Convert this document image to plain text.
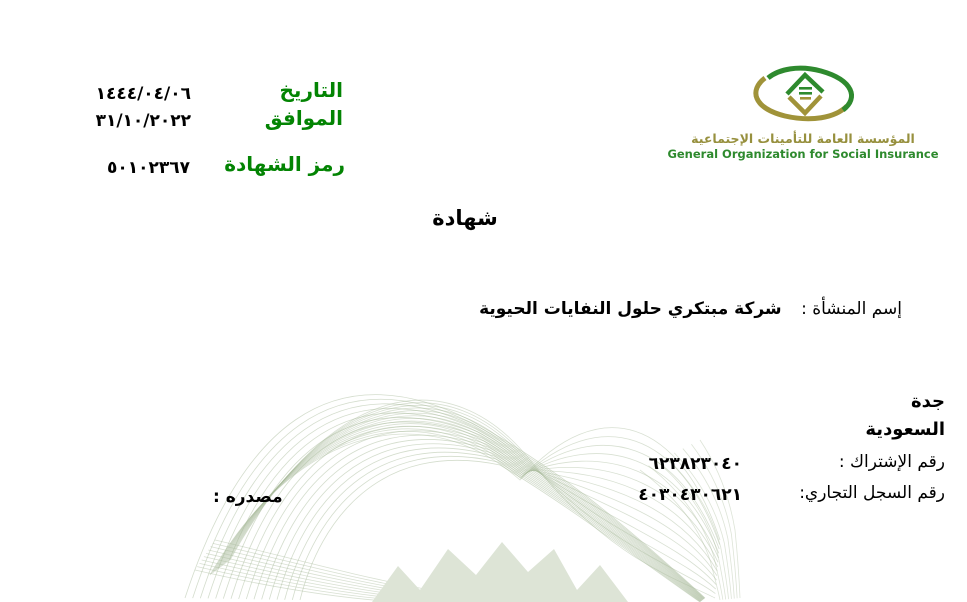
التاريخ
١٤٤٤/٠٤/٠٦
الموافق
٣١/١٠/٢٠٢٢
رمز الشهادة
٥٠١٠٢٣٦٧
المؤسسة العامة للتأمينات الإجتماعية
General Organization for Social Insurance
شهادة
إسم المنشأة : شركة مبتكري حلول النفايات الحيوية
جدة
السعودية
رقم الإشتراك :
٦٢٣٨٢٣٠٤٠
رقم السجل التجاري:
٤٠٣٠٤٣٠٦٢١
مصدره :
